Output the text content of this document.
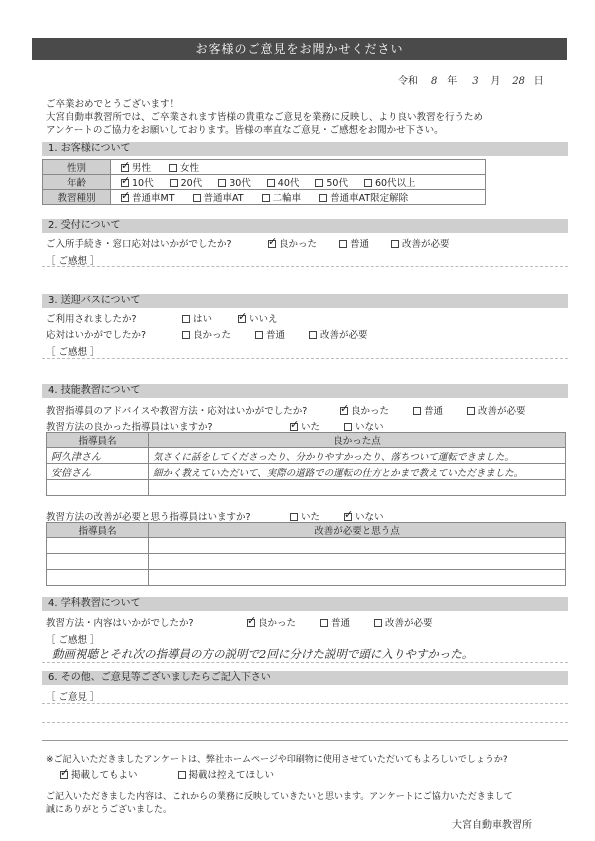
お客様のご意見をお聞かせください
令和 8 年 3 月 28 日
ご卒業おめでとうございます！
大宮自動車教習所では、ご卒業されます皆様の貴重なご意見を業務に反映し、より良い教習を行うため
アンケートのご協力をお願いしております。皆様の率直なご意見・ご感想をお聞かせ下さい。
1. お客様について
性別	✓男性 女性
年齢	✓10代 20代 30代 40代 50代 60代以上
教習種別	✓普通車MT 普通車AT 二輪車 普通車AT限定解除
2. 受付について
ご入所手続き・窓口応対はいかがでしたか? ✓	良かった	普通	改善が必要
［ ご感想 ］
3. 送迎バスについて
ご利用されましたか?	はい ✓	いいえ
応対はいかがでしたか?	良かった	普通	改善が必要
［ ご感想 ］
4. 技能教習について
教習指導員のアドバイスや教習方法・応対はいかがでしたか? ✓	良かった	普通	改善が必要
教習方法の良かった指導員はいますか? ✓	いた	いない
指導員名	良かった点
阿久津さん	気さくに話をしてくださったり、分かりやすかったり、落ちついて運転できました。
安倍さん	細かく教えていただいて、実際の道路での運転の仕方とかまで教えていただきました。

教習方法の改善が必要と思う指導員はいますか?	いた ✓	いない
指導員名	改善が必要と思う点

4. 学科教習について
教習方法・内容はいかがでしたか? ✓	良かった	普通	改善が必要
［ ご感想 ］
動画視聴とそれ次の指導員の方の説明で2回に分けた説明で頭に入りやすかった。
6. その他、ご意見等ございましたらご記入下さい
［ ご意見 ］
※ご記入いただきましたアンケートは、弊社ホームページや印刷物に使用させていただいてもよろしいでしょうか?
✓掲載してもよい	掲載は控えてほしい
ご記入いただきました内容は、これからの業務に反映していきたいと思います。アンケートにご協力いただきまして
誠にありがとうございました。
大宮自動車教習所
